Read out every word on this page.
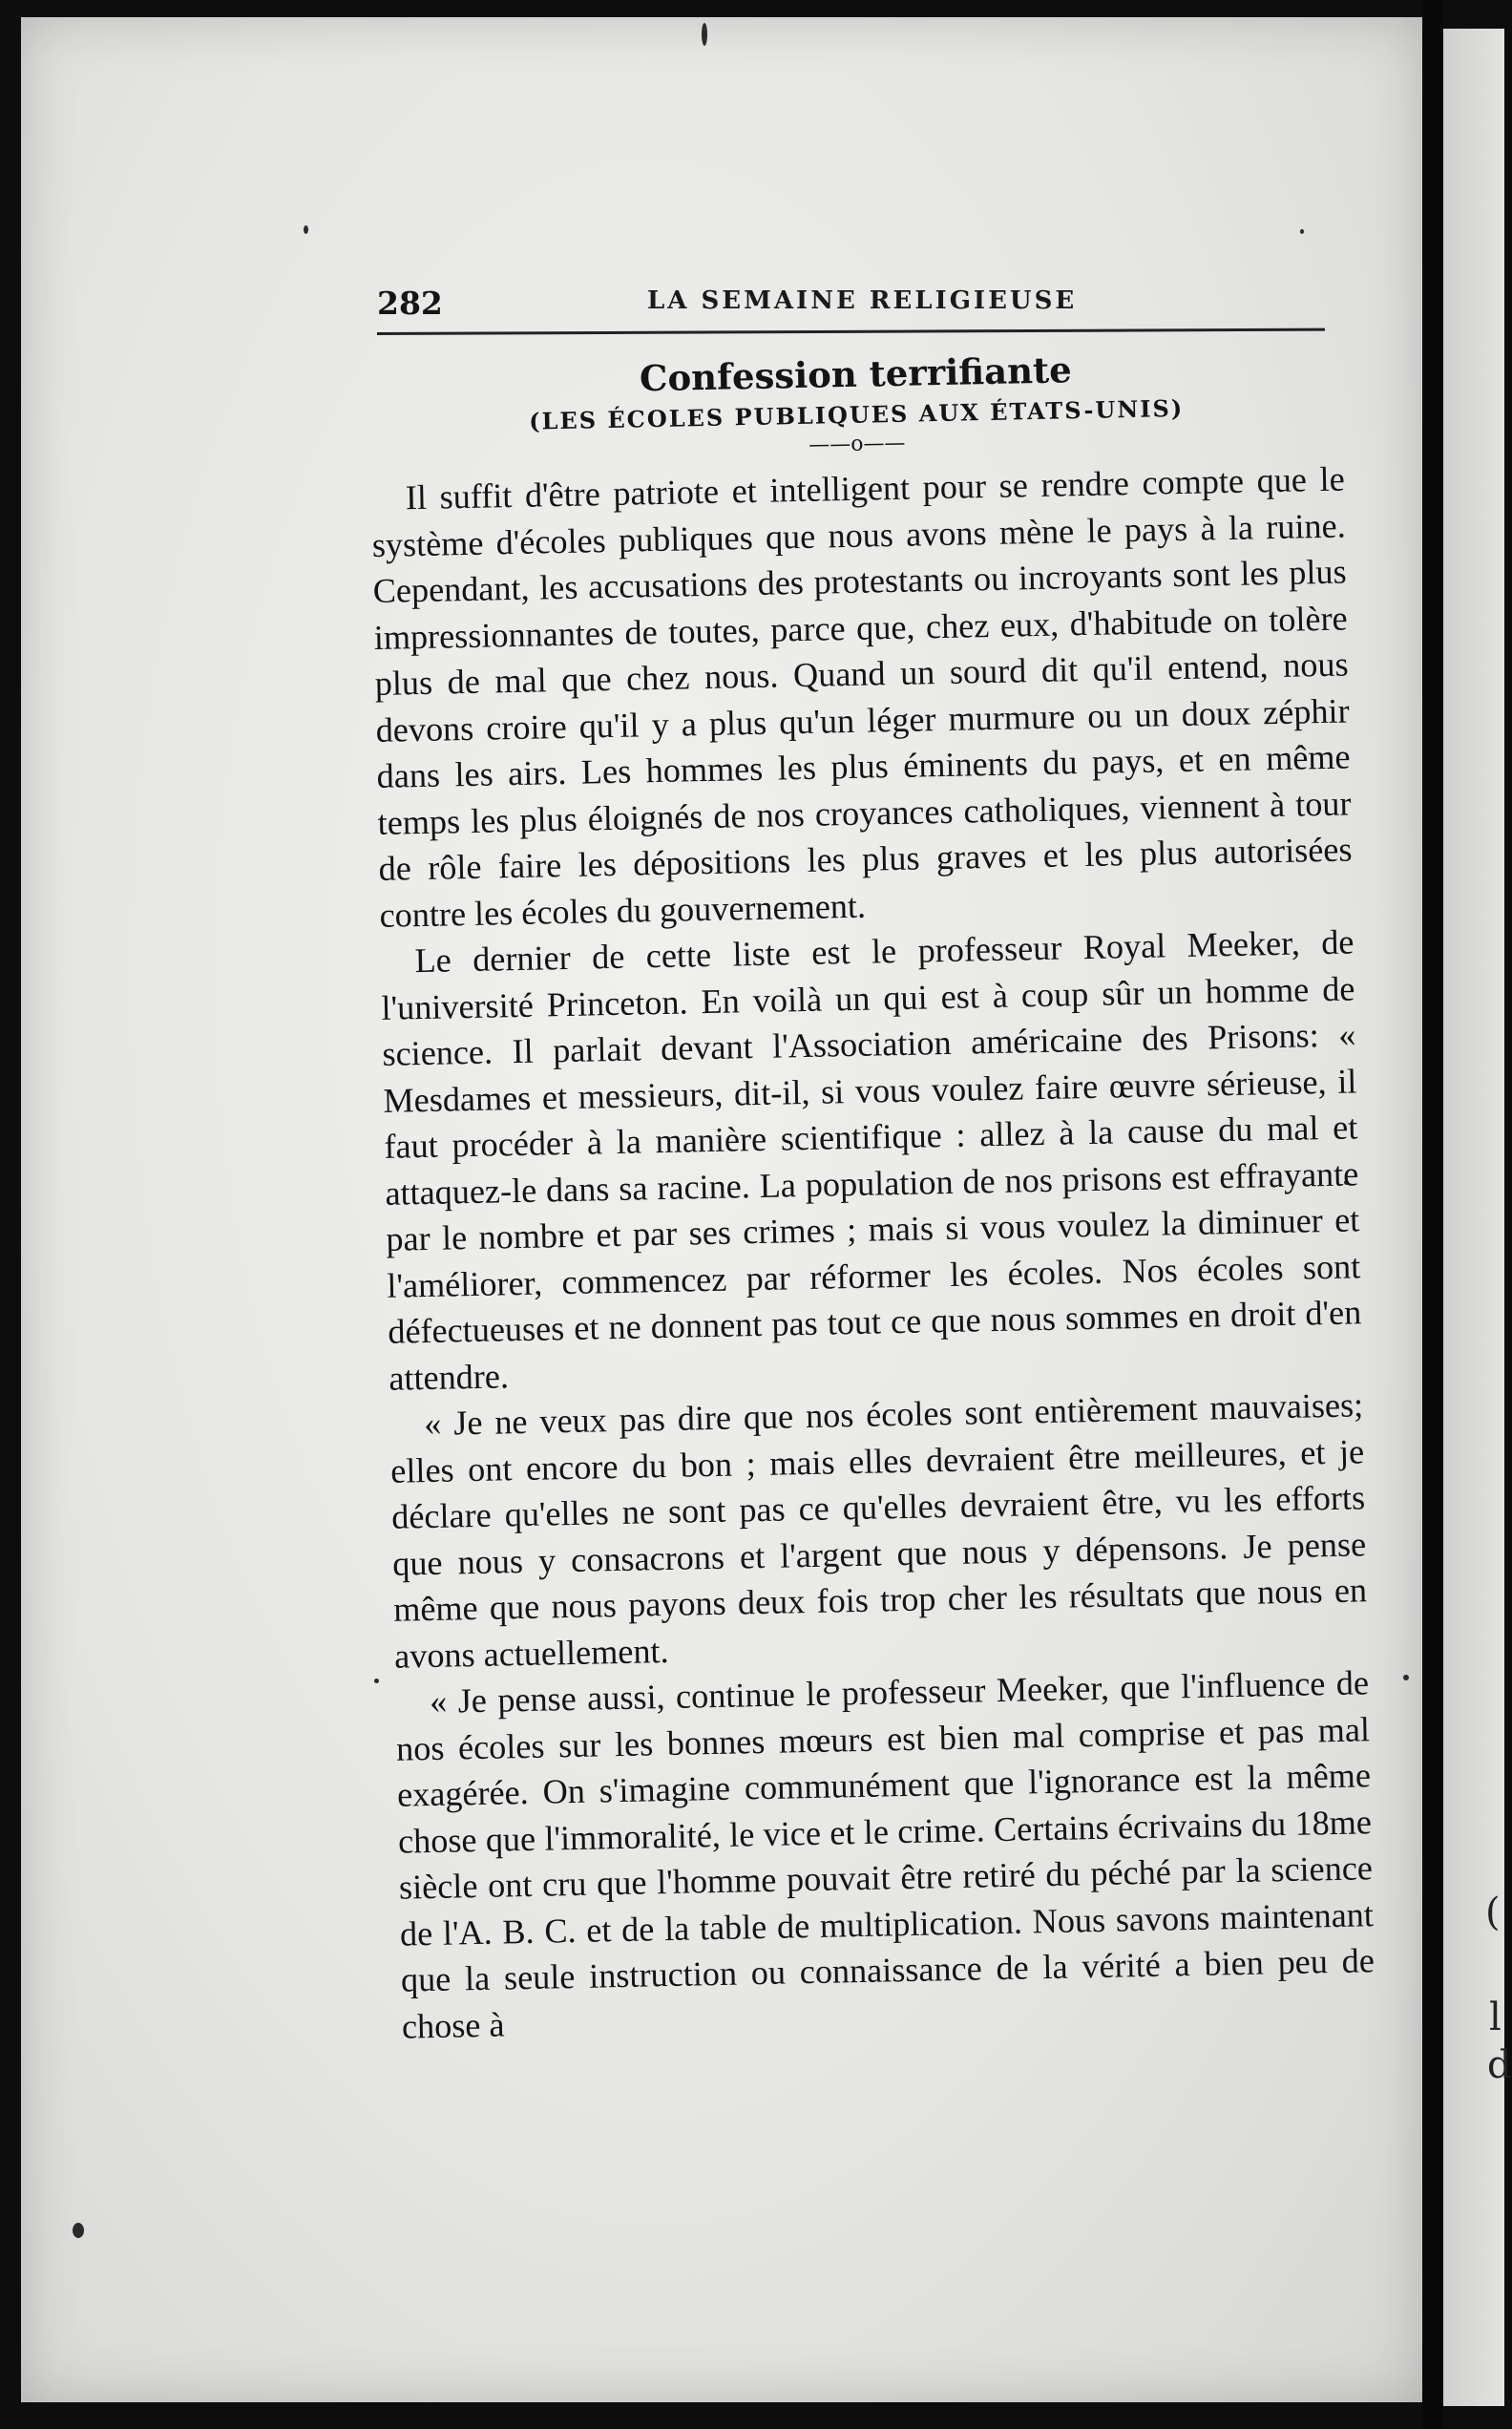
282	LA SEMAINE RELIGIEUSE
Confession terrifiante
(LES ÉCOLES PUBLIQUES AUX ÉTATS-UNIS)
——o——

Il suffit d'être patriote et intelligent pour se rendre compte que le système d'écoles publiques que nous avons mène le pays à la ruine. Cependant, les accusations des protestants ou incroyants sont les plus impressionnantes de toutes, parce que, chez eux, d'habitude on tolère plus de mal que chez nous. Quand un sourd dit qu'il entend, nous devons croire qu'il y a plus qu'un léger murmure ou un doux zéphir dans les airs. Les hommes les plus éminents du pays, et en même temps les plus éloignés de nos croyances catholiques, viennent à tour de rôle faire les dépositions les plus graves et les plus autorisées contre les écoles du gouvernement.

Le dernier de cette liste est le professeur Royal Meeker, de l'université Princeton. En voilà un qui est à coup sûr un homme de science. Il parlait devant l'Association américaine des Prisons: « Mesdames et messieurs, dit-il, si vous voulez faire œuvre sérieuse, il faut procéder à la manière scientifique : allez à la cause du mal et attaquez-le dans sa racine. La population de nos prisons est effrayante par le nombre et par ses crimes ; mais si vous voulez la diminuer et l'améliorer, commencez par réformer les écoles. Nos écoles sont défectueuses et ne donnent pas tout ce que nous sommes en droit d'en attendre.

« Je ne veux pas dire que nos écoles sont entièrement mauvaises; elles ont encore du bon ; mais elles devraient être meilleures, et je déclare qu'elles ne sont pas ce qu'elles devraient être, vu les efforts que nous y consacrons et l'argent que nous y dépensons. Je pense même que nous payons deux fois trop cher les résultats que nous en avons actuellement.

« Je pense aussi, continue le professeur Meeker, que l'influence de nos écoles sur les bonnes mœurs est bien mal comprise et pas mal exagérée. On s'imagine communément que l'ignorance est la même chose que l'immoralité, le vice et le crime. Certains écrivains du 18me siècle ont cru que l'homme pouvait être retiré du péché par la science de l'A. B. C. et de la table de multiplication. Nous savons maintenant que la seule instruction ou connaissance de la vérité a bien peu de chose à

(
l
d
